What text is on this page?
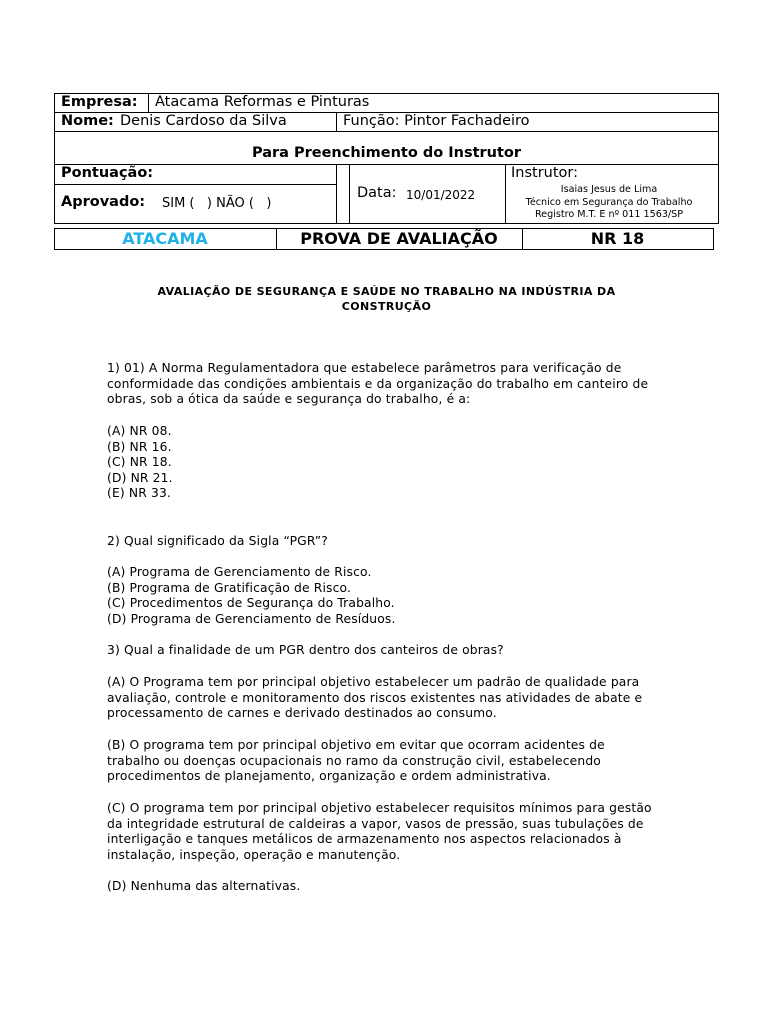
Empresa: Atacama Reformas e Pinturas
Nome: Denis Cardoso da Silva	Função: Pintor Fachadeiro
Para Preenchimento do Instrutor
Pontuação:
Aprovado: SIM (   ) NÃO (   )
Data: 10/01/2022
Instrutor:
Isaias Jesus de Lima
Técnico em Segurança do Trabalho
Registro M.T. E nº 011 1563/SP
ATACAMA	PROVA DE AVALIAÇÃO	NR 18
AVALIAÇÃO DE SEGURANÇA E SAÚDE NO TRABALHO NA INDÚSTRIA DA
CONSTRUÇÃO
1) 01) A Norma Regulamentadora que estabelece parâmetros para verificação de
conformidade das condições ambientais e da organização do trabalho em canteiro de
obras, sob a ótica da saúde e segurança do trabalho, é a:
(A) NR 08.
(B) NR 16.
(C) NR 18.
(D) NR 21.
(E) NR 33.
2) Qual significado da Sigla “PGR”?
(A) Programa de Gerenciamento de Risco.
(B) Programa de Gratificação de Risco.
(C) Procedimentos de Segurança do Trabalho.
(D) Programa de Gerenciamento de Resíduos.
3) Qual a finalidade de um PGR dentro dos canteiros de obras?
(A) O Programa tem por principal objetivo estabelecer um padrão de qualidade para
avaliação, controle e monitoramento dos riscos existentes nas atividades de abate e
processamento de carnes e derivado destinados ao consumo.
(B) O programa tem por principal objetivo em evitar que ocorram acidentes de
trabalho ou doenças ocupacionais no ramo da construção civil, estabelecendo
procedimentos de planejamento, organização e ordem administrativa.
(C) O programa tem por principal objetivo estabelecer requisitos mínimos para gestão
da integridade estrutural de caldeiras a vapor, vasos de pressão, suas tubulações de
interligação e tanques metálicos de armazenamento nos aspectos relacionados à
instalação, inspeção, operação e manutenção.
(D) Nenhuma das alternativas.
